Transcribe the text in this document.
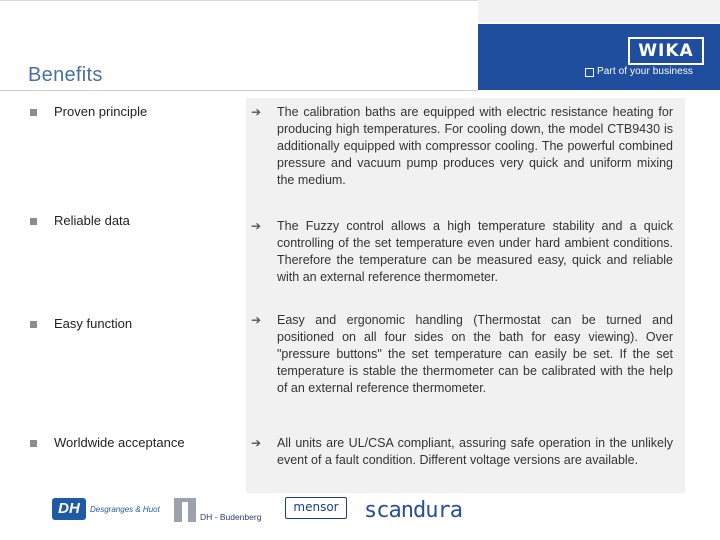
WIKA
Part of your business
Benefits
Proven principle	➔ The calibration baths are equipped with electric resistance heating for producing high temperatures. For cooling down, the model CTB9430 is additionally equipped with compressor cooling. The powerful combined pressure and vacuum pump produces very quick and uniform mixing the medium.
Reliable data	➔ The Fuzzy control allows a high temperature stability and a quick controlling of the set temperature even under hard ambient conditions. Therefore the temperature can be measured easy, quick and reliable with an external reference thermometer.
Easy function	➔ Easy and ergonomic handling (Thermostat can be turned and positioned on all four sides on the bath for easy viewing). Over "pressure buttons" the set temperature can easily be set. If the set temperature is stable the thermometer can be calibrated with the help of an external reference thermometer.
Worldwide acceptance	➔ All units are UL/CSA compliant, assuring safe operation in the unlikely event of a fault condition. Different voltage versions are available.
DH	Desgranges & Huot
DH - Budenberg
mensor	scandura
